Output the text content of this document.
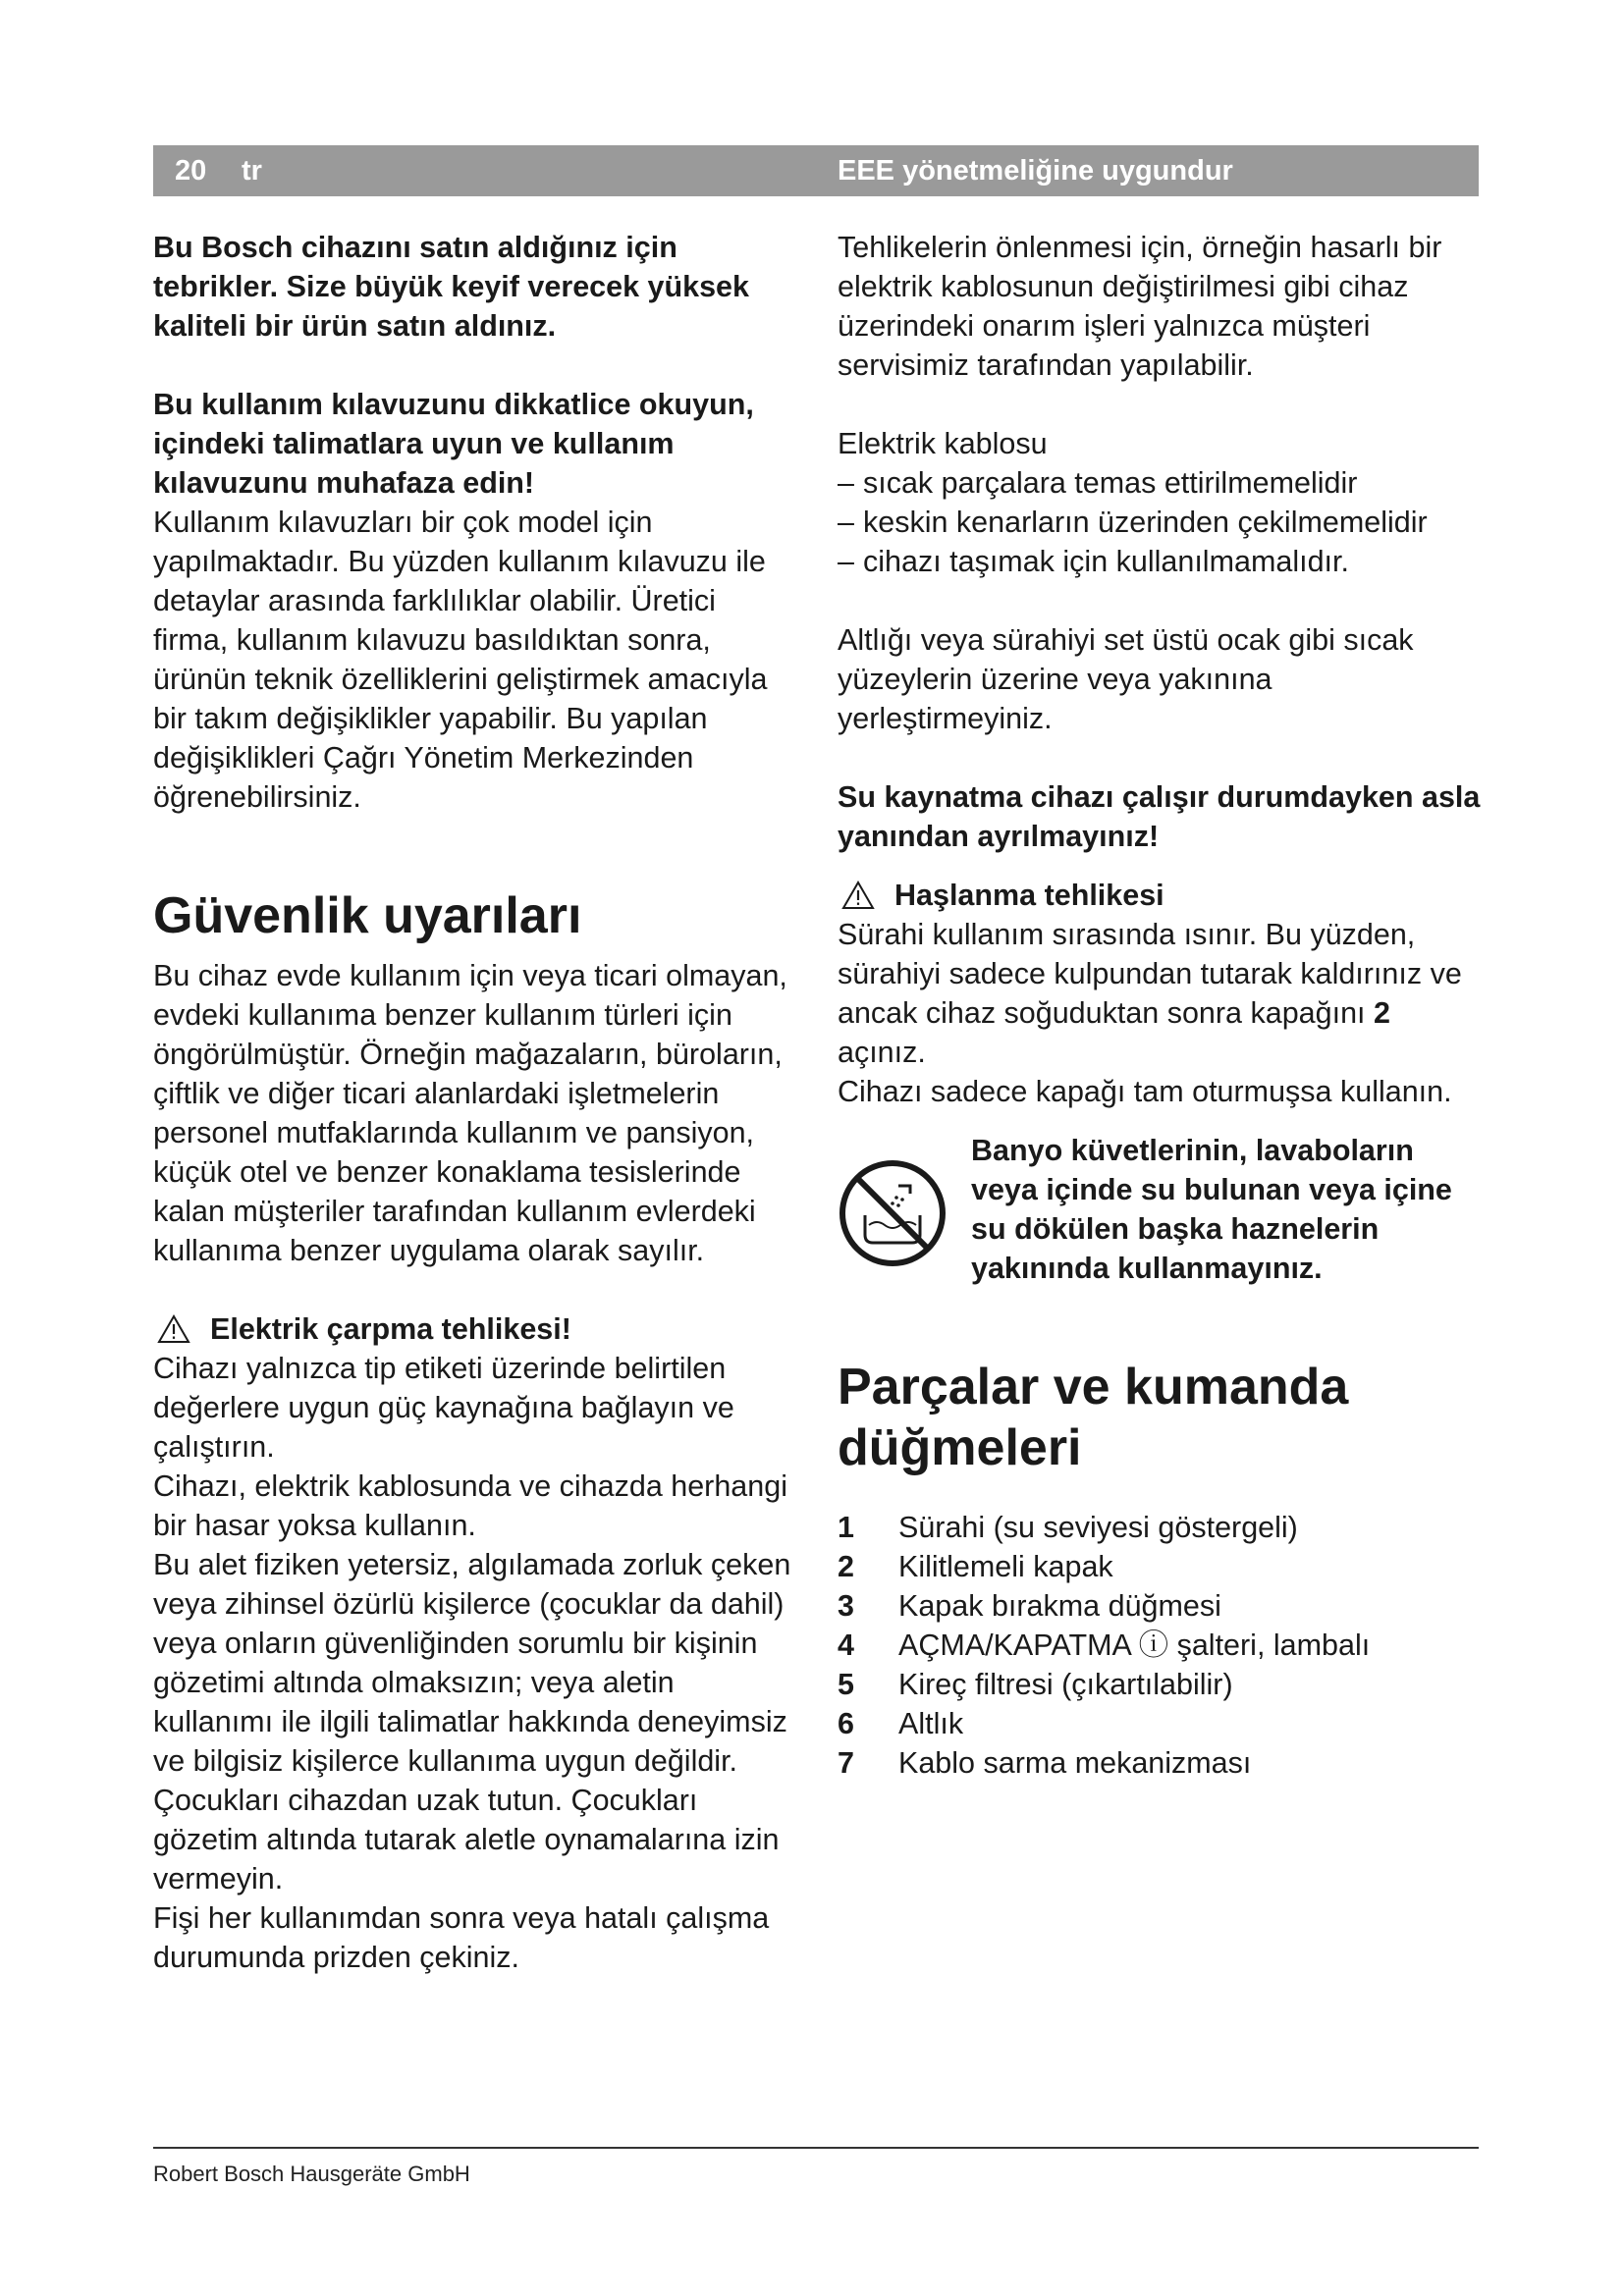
20 tr	EEE yönetmeliğine uygundur

Bu Bosch cihazını satın aldığınız için tebrikler. Size büyük keyif verecek yüksek kaliteli bir ürün satın aldınız.

Bu kullanım kılavuzunu dikkatlice okuyun, içindeki talimatlara uyun ve kullanım kılavuzunu muhafaza edin!

Kullanım kılavuzları bir çok model için yapılmaktadır. Bu yüzden kullanım kılavuzu ile detaylar arasında farklılıklar olabilir. Üretici firma, kullanım kılavuzu basıldıktan sonra, ürünün teknik özelliklerini geliştirmek amacıyla bir takım değişiklikler yapabilir. Bu yapılan değişiklikleri Çağrı Yönetim Merkezinden öğrenebilirsiniz.

Güvenlik uyarıları

Bu cihaz evde kullanım için veya ticari olmayan, evdeki kullanıma benzer kullanım türleri için öngörülmüştür. Örneğin mağazaların, büroların, çiftlik ve diğer ticari alanlardaki işletmelerin personel mutfaklarında kullanım ve pansiyon, küçük otel ve benzer konaklama tesislerinde kalan müşteriler tarafından kullanım evlerdeki kullanıma benzer uygulama olarak sayılır.

Elektrik çarpma tehlikesi!

Cihazı yalnızca tip etiketi üzerinde belirtilen değerlere uygun güç kaynağına bağlayın ve çalıştırın.

Cihazı, elektrik kablosunda ve cihazda herhangi bir hasar yoksa kullanın.

Bu alet fiziken yetersiz, algılamada zorluk çeken veya zihinsel özürlü kişilerce (çocuklar da dahil) veya onların güvenliğinden sorumlu bir kişinin gözetimi altında olmaksızın; veya aletin kullanımı ile ilgili talimatlar hakkında deneyimsiz ve bilgisiz kişilerce kullanıma uygun değildir.

Çocukları cihazdan uzak tutun. Çocukları gözetim altında tutarak aletle oynamalarına izin vermeyin.

Fişi her kullanımdan sonra veya hatalı çalışma durumunda prizden çekiniz.

Tehlikelerin önlenmesi için, örneğin hasarlı bir elektrik kablosunun değiştirilmesi gibi cihaz üzerindeki onarım işleri yalnızca müşteri servisimiz tarafından yapılabilir.

Elektrik kablosu

– sıcak parçalara temas ettirilmemelidir
– keskin kenarların üzerinden çekilmemelidir
– cihazı taşımak için kullanılmamalıdır.

Altlığı veya sürahiyi set üstü ocak gibi sıcak yüzeylerin üzerine veya yakınına yerleştirmeyiniz.

Su kaynatma cihazı çalışır durumdayken asla yanından ayrılmayınız!

Haşlanma tehlikesi

Sürahi kullanım sırasında ısınır. Bu yüzden, sürahiyi sadece kulpundan tutarak kaldırınız ve ancak cihaz soğuduktan sonra kapağını 2 açınız.

Cihazı sadece kapağı tam oturmuşsa kullanın.

Banyo küvetlerinin, lavaboların veya içinde su bulunan veya içine su dökülen başka haznelerin yakınında kullanmayınız.

Parçalar ve kumanda düğmeleri
1	Sürahi (su seviyesi göstergeli)
2	Kilitlemeli kapak
3	Kapak bırakma düğmesi
4	AÇMA/KAPATMA ⓘ şalteri, lambalı
5	Kireç filtresi (çıkartılabilir)
6	Altlık
7	Kablo sarma mekanizması
Robert Bosch Hausgeräte GmbH
